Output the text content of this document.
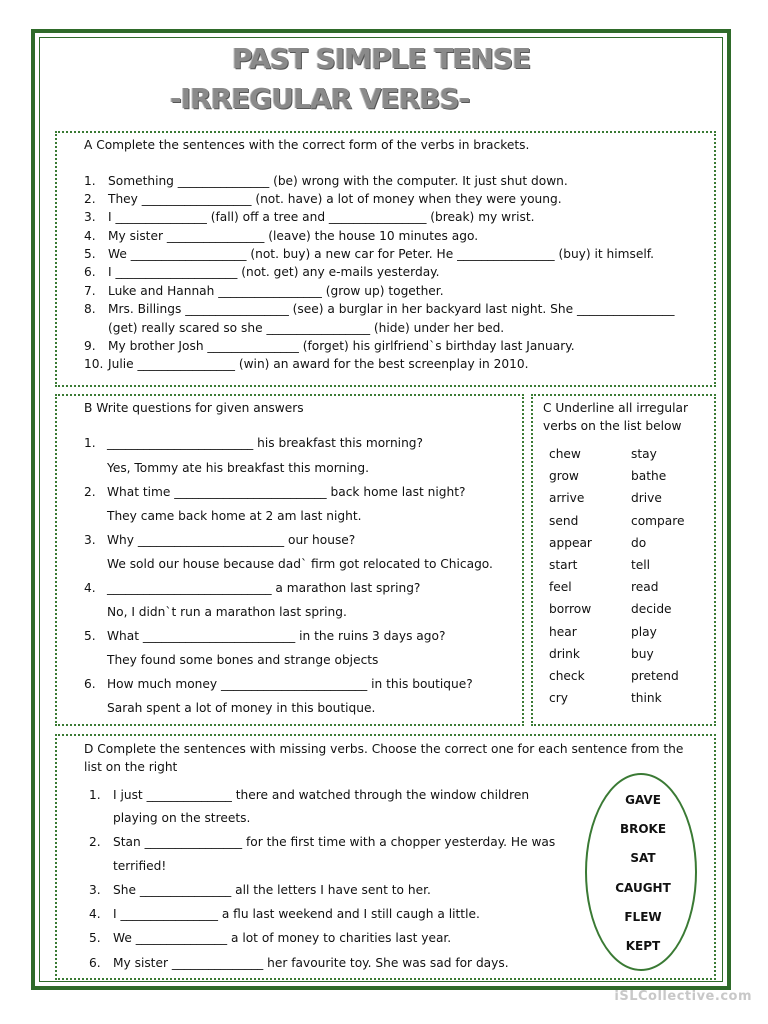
PAST SIMPLE TENSE
-IRREGULAR VERBS-
A Complete the sentences with the correct form of the verbs in brackets.
1. Something _______________ (be) wrong with the computer. It just shut down.
2. They __________________ (not. have) a lot of money when they were young.
3. I _______________ (fall) off a tree and ________________ (break) my wrist.
4. My sister ________________ (leave) the house 10 minutes ago.
5. We ___________________ (not. buy) a new car for Peter. He ________________ (buy) it himself.
6. I ____________________ (not. get) any e-mails yesterday.
7. Luke and Hannah _________________ (grow up) together.
8. Mrs. Billings _________________ (see) a burglar in her backyard last night. She ________________
(get) really scared so she _________________ (hide) under her bed.
9. My brother Josh _______________ (forget) his girlfriend`s birthday last January.
10. Julie ________________ (win) an award for the best screenplay in 2010.
B Write questions for given answers
1. ________________________ his breakfast this morning?
Yes, Tommy ate his breakfast this morning.
2. What time _________________________ back home last night?
They came back home at 2 am last night.
3. Why ________________________ our house?
We sold our house because dad` firm got relocated to Chicago.
4. ___________________________ a marathon last spring?
No, I didn`t run a marathon last spring.
5. What _________________________ in the ruins 3 days ago?
They found some bones and strange objects
6. How much money ________________________ in this boutique?
Sarah spent a lot of money in this boutique.
C Underline all irregular
verbs on the list below
chew
grow
arrive
send
appear
start
feel
borrow
hear
drink
check
cry
stay
bathe
drive
compare
do
tell
read
decide
play
buy
pretend
think
D Complete the sentences with missing verbs. Choose the correct one for each sentence from the
list on the right
1. I just ______________ there and watched through the window children
playing on the streets.
2. Stan ________________ for the first time with a chopper yesterday. He was
terrified!
3. She _______________ all the letters I have sent to her.
4. I ________________ a flu last weekend and I still caugh a little.
5. We _______________ a lot of money to charities last year.
6. My sister _______________ her favourite toy. She was sad for days.
GAVE
BROKE
SAT
CAUGHT
FLEW
KEPT
iSLCollective.com
